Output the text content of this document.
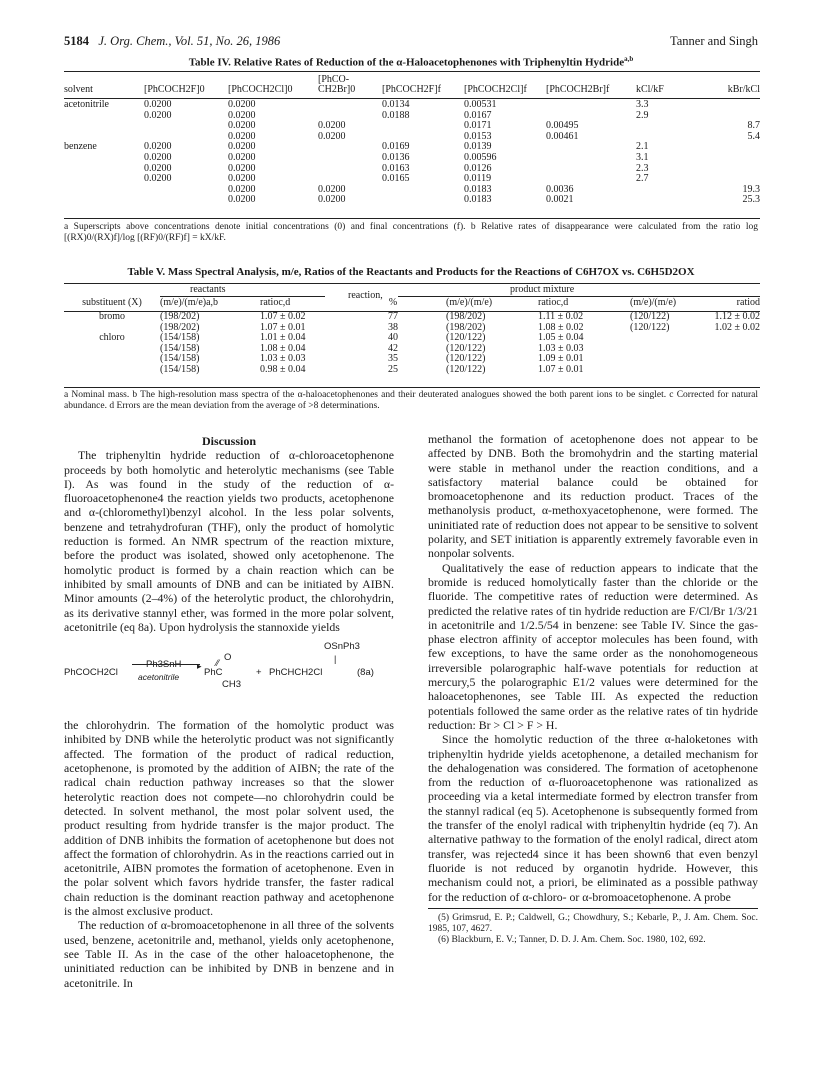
5184 J. Org. Chem., Vol. 51, No. 26, 1986	Tanner and Singh
Table IV. Relative Rates of Reduction of the α-Haloacetophenones with Triphenyltin Hydride$^{a,b}$
solvent	[PhCOCH2F]0	[PhCOCH2Cl]0	[PhCO-CH2Br]0	[PhCOCH2F]f	[PhCOCH2Cl]f	[PhCOCH2Br]f	kCl/kF	kBr/kCl
acetonitrile	0.0200	0.0200		0.0134	0.00531		3.3	
	0.0200	0.0200		0.0188	0.0167		2.9	
		0.0200	0.0200		0.0171	0.00495		8.7
		0.0200	0.0200		0.0153	0.00461		5.4
benzene	0.0200	0.0200		0.0169	0.0139		2.1	
	0.0200	0.0200		0.0136	0.00596		3.1	
	0.0200	0.0200		0.0163	0.0126		2.3	
	0.0200	0.0200		0.0165	0.0119		2.7	
		0.0200	0.0200		0.0183	0.0036		19.3
		0.0200	0.0200		0.0183	0.0021		25.3
a Superscripts above concentrations denote initial concentrations (0) and final concentrations (f). b Relative rates of disappearance were calculated from the ratio log [(RX)0/(RX)f]/log [(RF)0/(RF)f] = kX/kF.
Table V. Mass Spectral Analysis, m/e, Ratios of the Reactants and Products for the Reactions of C6H7OX vs. C6H5D2OX
reactants
reaction,
product mixture
substituent (X)	(m/e)/(m/e)a,b	ratioc,d	%	(m/e)/(m/e)	ratioc,d	(m/e)/(m/e)	ratiod
bromo	(198/202)	1.07 ± 0.02	77	(198/202)	1.11 ± 0.02	(120/122)	1.12 ± 0.02
	(198/202)	1.07 ± 0.01	38	(198/202)	1.08 ± 0.02	(120/122)	1.02 ± 0.02
chloro	(154/158)	1.01 ± 0.04	40	(120/122)	1.05 ± 0.04		
	(154/158)	1.08 ± 0.04	42	(120/122)	1.03 ± 0.03		
	(154/158)	1.03 ± 0.03	35	(120/122)	1.09 ± 0.01		
	(154/158)	0.98 ± 0.04	25	(120/122)	1.07 ± 0.01		
a Nominal mass. b The high-resolution mass spectra of the α-haloacetophenones and their deuterated analogues showed the both parent ions to be singlet. c Corrected for natural abundance. d Errors are the mean deviation from the average of >8 determinations.

Discussion

The triphenyltin hydride reduction of α-chloroacetophenone proceeds by both homolytic and heterolytic mechanisms (see Table I). As was found in the study of the reduction of α-fluoroacetophenone4 the reaction yields two products, acetophenone and α-(chloromethyl)benzyl alcohol. In the less polar solvents, benzene and tetrahydrofuran (THF), only the product of homolytic reduction is formed. An NMR spectrum of the reaction mixture, before the product was isolated, showed only acetophenone. The homolytic product is formed by a chain reaction which can be inhibited by small amounts of DNB and can be initiated by AIBN. Minor amounts (2–4%) of the heterolytic product, the chlorohydrin, as its derivative stannyl ether, was formed in the more polar solvent, acetonitrile (eq 8a). Upon hydrolysis the stannoxide yields

OSnPh3
|
O
⁄⁄
PhCOCH2Cl
Ph3SnH ▸
acetonitrile	PhC
CH3
+ PhCHCH2Cl	(8a)

the chlorohydrin. The formation of the homolytic product was inhibited by DNB while the heterolytic product was not significantly affected. The formation of the product of radical reduction, acetophenone, is promoted by the addition of AIBN; the rate of the radical chain reduction pathway increases so that the slower heterolytic reaction does not compete—no chlorohydrin could be detected. In solvent methanol, the most polar solvent used, the product resulting from hydride transfer is the major product. The addition of DNB inhibits the formation of acetophenone but does not affect the formation of chlorohydrin. As in the reactions carried out in acetonitrile, AIBN promotes the formation of acetophenone. Even in the polar solvent which favors hydride transfer, the faster radical chain reduction is the dominant reaction pathway and acetophenone is the almost exclusive product.

The reduction of α-bromoacetophenone in all three of the solvents used, benzene, acetonitrile and, methanol, yields only acetophenone, see Table II. As in the case of the other haloacetophenone, the uninitiated reduction can be inhibited by DNB in benzene and in acetonitrile. In

methanol the formation of acetophenone does not appear to be affected by DNB. Both the bromohydrin and the starting material were stable in methanol under the reaction conditions, and a satisfactory material balance could be obtained for bromoacetophenone and its reduction product. Traces of the methanolysis product, α-methoxyacetophenone, were formed. The uninitiated rate of reduction does not appear to be sensitive to solvent polarity, and SET initiation is apparently extremely favorable even in nonpolar solvents.

Qualitatively the ease of reduction appears to indicate that the bromide is reduced homolytically faster than the chloride or the fluoride. The competitive rates of reduction were determined. As predicted the relative rates of tin hydride reduction are F/Cl/Br 1/3/21 in acetonitrile and 1/2.5/54 in benzene: see Table IV. Since the gas-phase electron affinity of acceptor molecules has been found, with few exceptions, to have the same order as the nonohomogeneous irreversible polarographic half-wave potentials for reduction at mercury,5 the polarographic E1/2 values were determined for the haloacetophenones, see Table III. As expected the reduction potentials followed the same order as the relative rates of tin hydride reduction: Br > Cl > F > H.

Since the homolytic reduction of the three α-haloketones with triphenyltin hydride yields acetophenone, a detailed mechanism for the dehalogenation was considered. The formation of acetophenone from the reduction of α-fluoroacetophenone was rationalized as proceeding via a ketal intermediate formed by electron transfer from the stannyl radical (eq 5). Acetophenone is subsequently formed from the transfer of the enolyl radical with triphenyltin hydride (eq 7). An alternative pathway to the formation of the enolyl radical, direct atom transfer, was rejected4 since it has been shown6 that even benzyl fluoride is not reduced by organotin hydride. However, this mechanism could not, a priori, be eliminated as a possible pathway for the reduction of α-chloro- or α-bromoacetophenone. A probe

(5) Grimsrud, E. P.; Caldwell, G.; Chowdhury, S.; Kebarle, P., J. Am. Chem. Soc. 1985, 107, 4627.
(6) Blackburn, E. V.; Tanner, D. D. J. Am. Chem. Soc. 1980, 102, 692.
